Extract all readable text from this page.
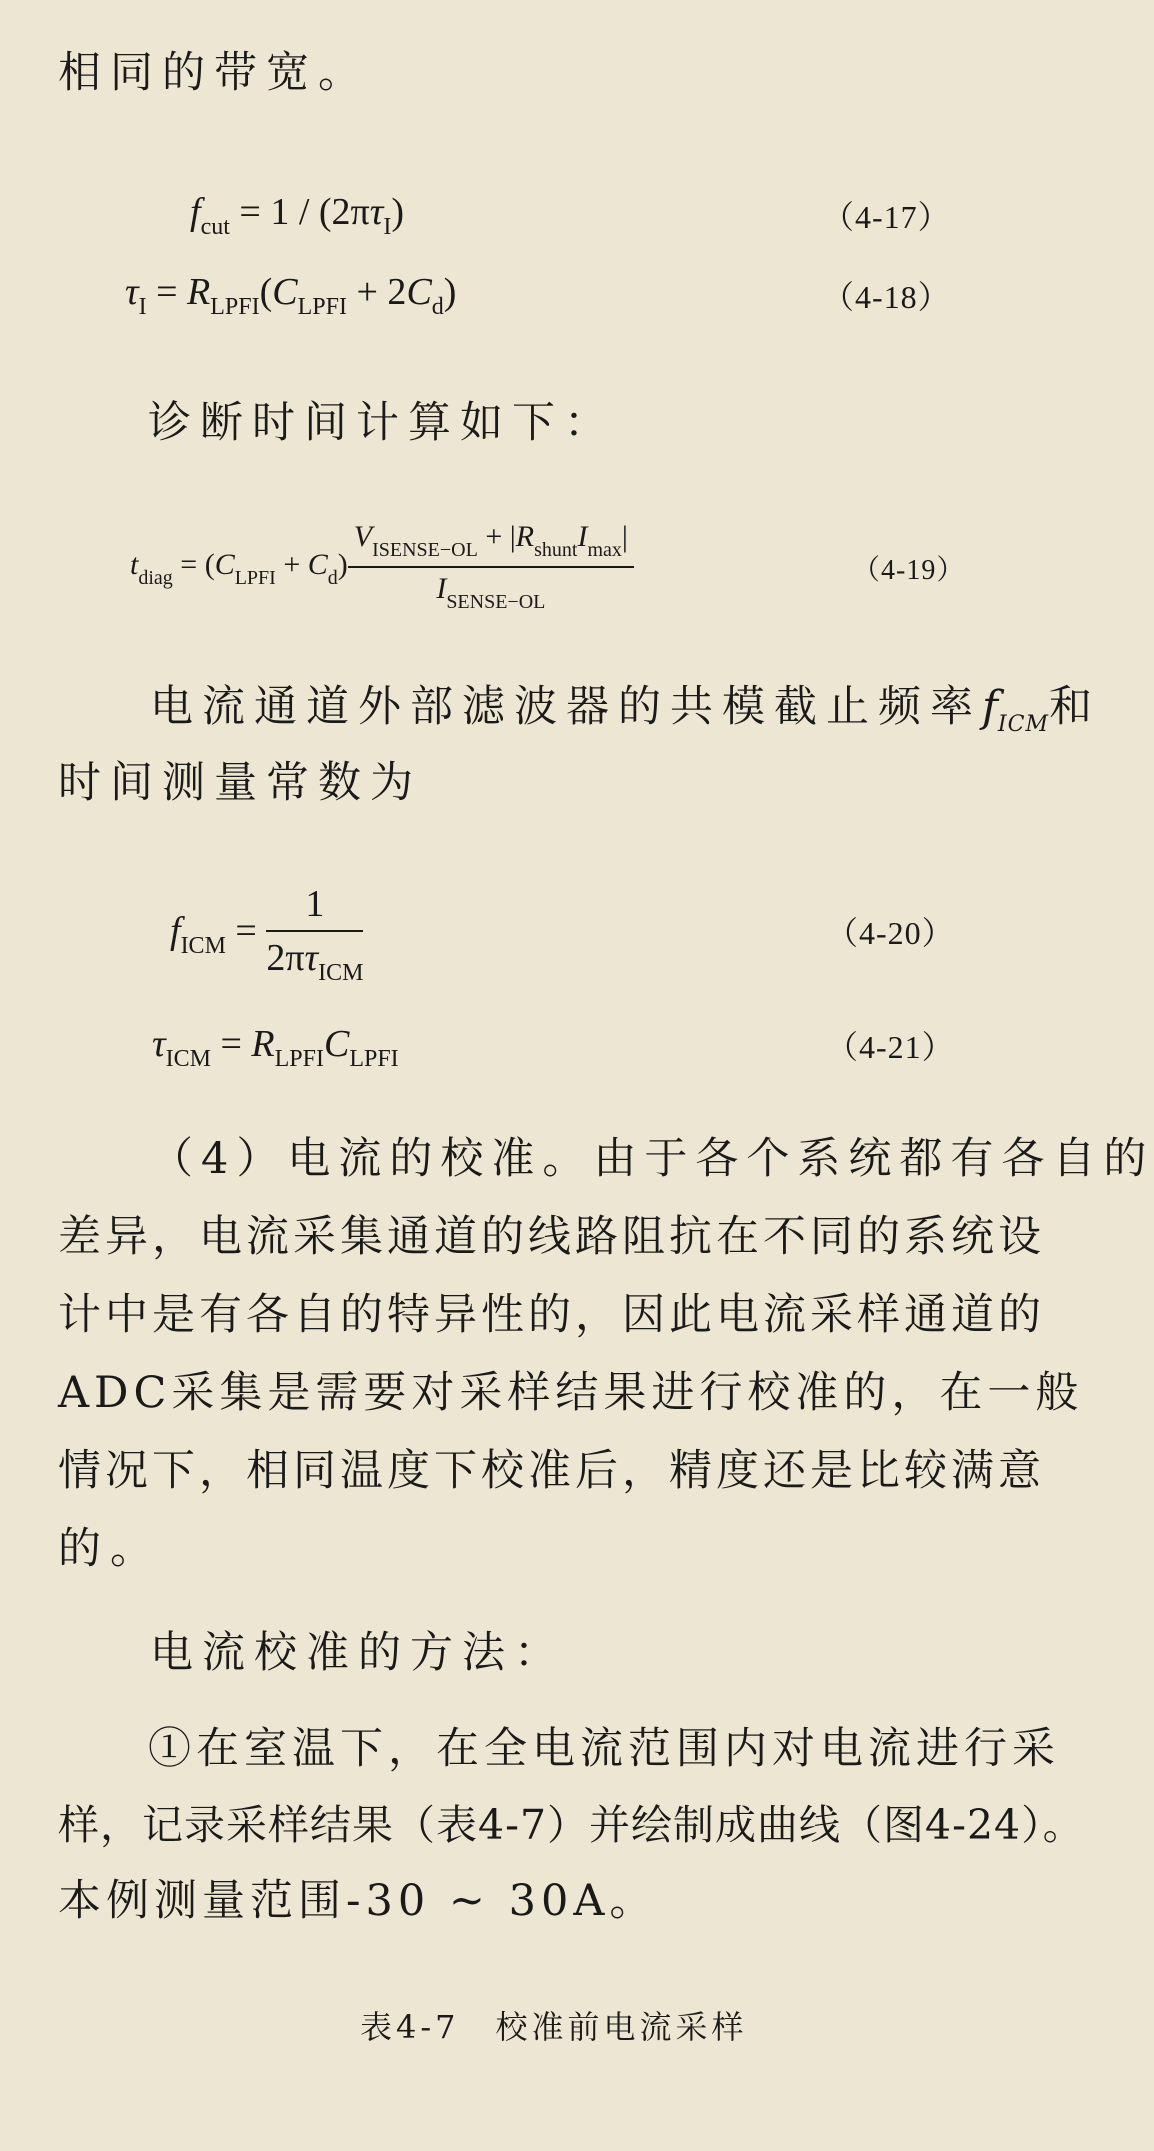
相同的带宽。
$f_{cut} = 1 / (2\pi\tau_I)$	（4-17）
$\tau_I = R_{LPFI}(C_{LPFI} + 2C_d)$	（4-18）
诊断时间计算如下：
$t_{diag} = (C_{LPFI} + C_d) \frac{V_{ISENSE-OL} + |R_{shunt}I_{max}|}{I_{SENSE-OL}}$	（4-19）
电流通道外部滤波器的共模截止频率$f_{ICM}$和
时间测量常数为
$f_{ICM} = \frac{1}{2\pi\tau_{ICM}}$	（4-20）
$\tau_{ICM} = R_{LPFI}C_{LPFI}$	（4-21）
（4）电流的校准。由于各个系统都有各自的
差异，电流采集通道的线路阻抗在不同的系统设
计中是有各自的特异性的，因此电流采样通道的
ADC采集是需要对采样结果进行校准的，在一般
情况下，相同温度下校准后，精度还是比较满意
的。
电流校准的方法：
①在室温下，在全电流范围内对电流进行采
样，记录采样结果（表4-7）并绘制成曲线（图4-24）。
本例测量范围-30 ~ 30A。
表4-7 校准前电流采样
